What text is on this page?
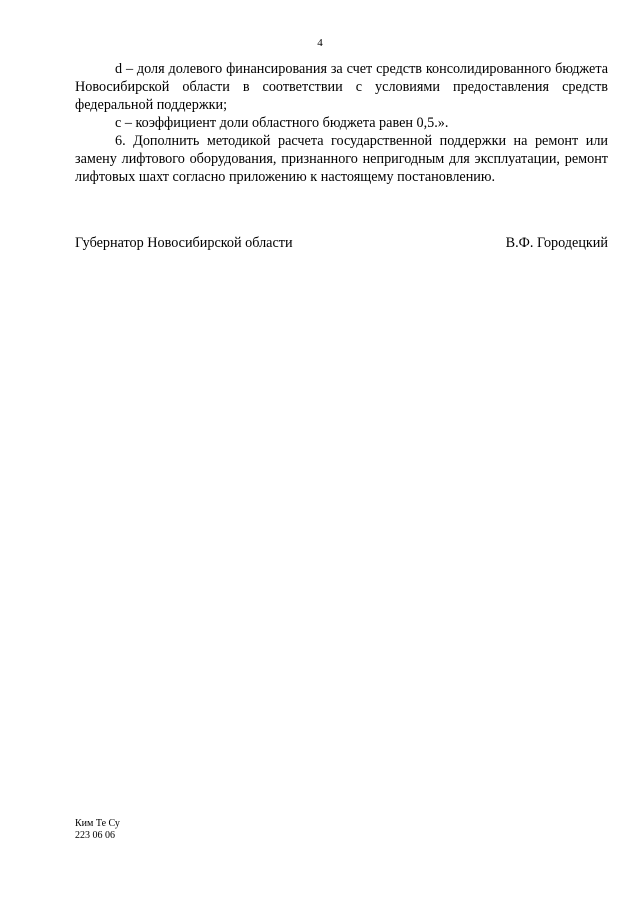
4

d – доля долевого финансирования за счет средств консолидированного бюджета Новосибирской области в соответствии с условиями предоставления средств федеральной поддержки;

с – коэффициент доли областного бюджета равен 0,5.».

6. Дополнить методикой расчета государственной поддержки на ремонт или замену лифтового оборудования, признанного непригодным для эксплуатации, ремонт лифтовых шахт согласно приложению к настоящему постановлению.

Губернатор Новосибирской области	В.Ф. Городецкий
Ким Те Су
223 06 06
